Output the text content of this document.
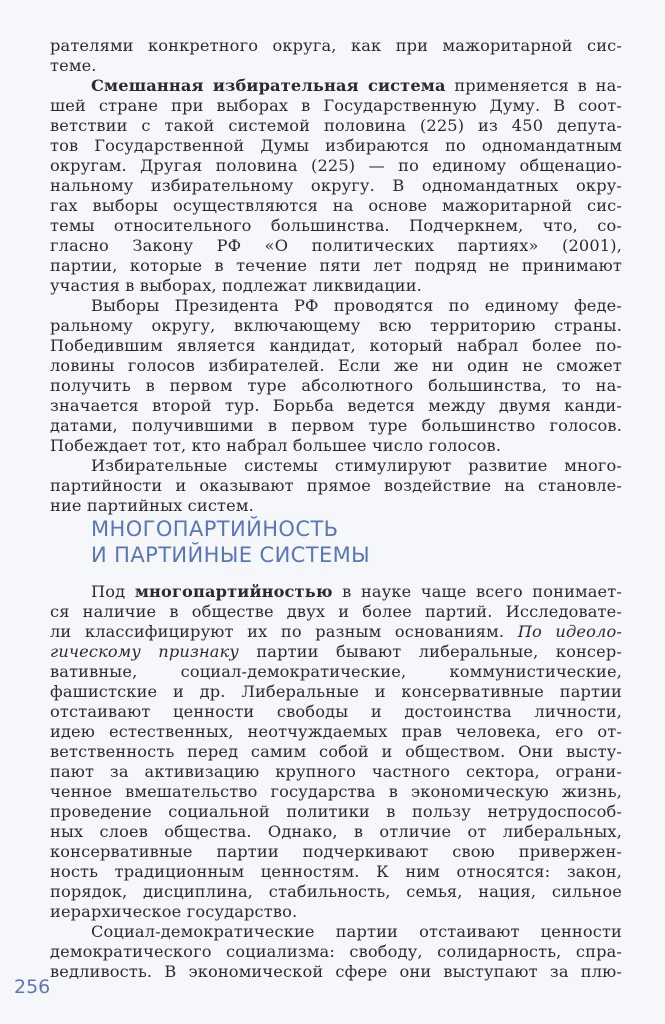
рателями конкретного округа, как при мажоритарной сис-
теме.
Смешанная избирательная система применяется в на-
шей стране при выборах в Государственную Думу. В соот-
ветствии с такой системой половина (225) из 450 депута-
тов Государственной Думы избираются по одномандатным
округам. Другая половина (225) — по единому общенацио-
нальному избирательному округу. В одномандатных окру-
гах выборы осуществляются на основе мажоритарной сис-
темы относительного большинства. Подчеркнем, что, со-
гласно Закону РФ «О политических партиях» (2001),
партии, которые в течение пяти лет подряд не принимают
участия в выборах, подлежат ликвидации.
Выборы Президента РФ проводятся по единому феде-
ральному округу, включающему всю территорию страны.
Победившим является кандидат, который набрал более по-
ловины голосов избирателей. Если же ни один не сможет
получить в первом туре абсолютного большинства, то на-
значается второй тур. Борьба ведется между двумя канди-
датами, получившими в первом туре большинство голосов.
Побеждает тот, кто набрал большее число голосов.
Избирательные системы стимулируют развитие много-
партийности и оказывают прямое воздействие на становле-
ние партийных систем.
МНОГОПАРТИЙНОСТЬ
И ПАРТИЙНЫЕ СИСТЕМЫ
Под многопартийностью в науке чаще всего понимает-
ся наличие в обществе двух и более партий. Исследовате-
ли классифицируют их по разным основаниям. По идеоло-
гическому признаку партии бывают либеральные, консер-
вативные, социал-демократические, коммунистические,
фашистские и др. Либеральные и консервативные партии
отстаивают ценности свободы и достоинства личности,
идею естественных, неотчуждаемых прав человека, его от-
ветственность перед самим собой и обществом. Они высту-
пают за активизацию крупного частного сектора, ограни-
ченное вмешательство государства в экономическую жизнь,
проведение социальной политики в пользу нетрудоспособ-
ных слоев общества. Однако, в отличие от либеральных,
консервативные партии подчеркивают свою привержен-
ность традиционным ценностям. К ним относятся: закон,
порядок, дисциплина, стабильность, семья, нация, сильное
иерархическое государство.
Социал-демократические партии отстаивают ценности
демократического социализма: свободу, солидарность, спра-
ведливость. В экономической сфере они выступают за плю-
256
